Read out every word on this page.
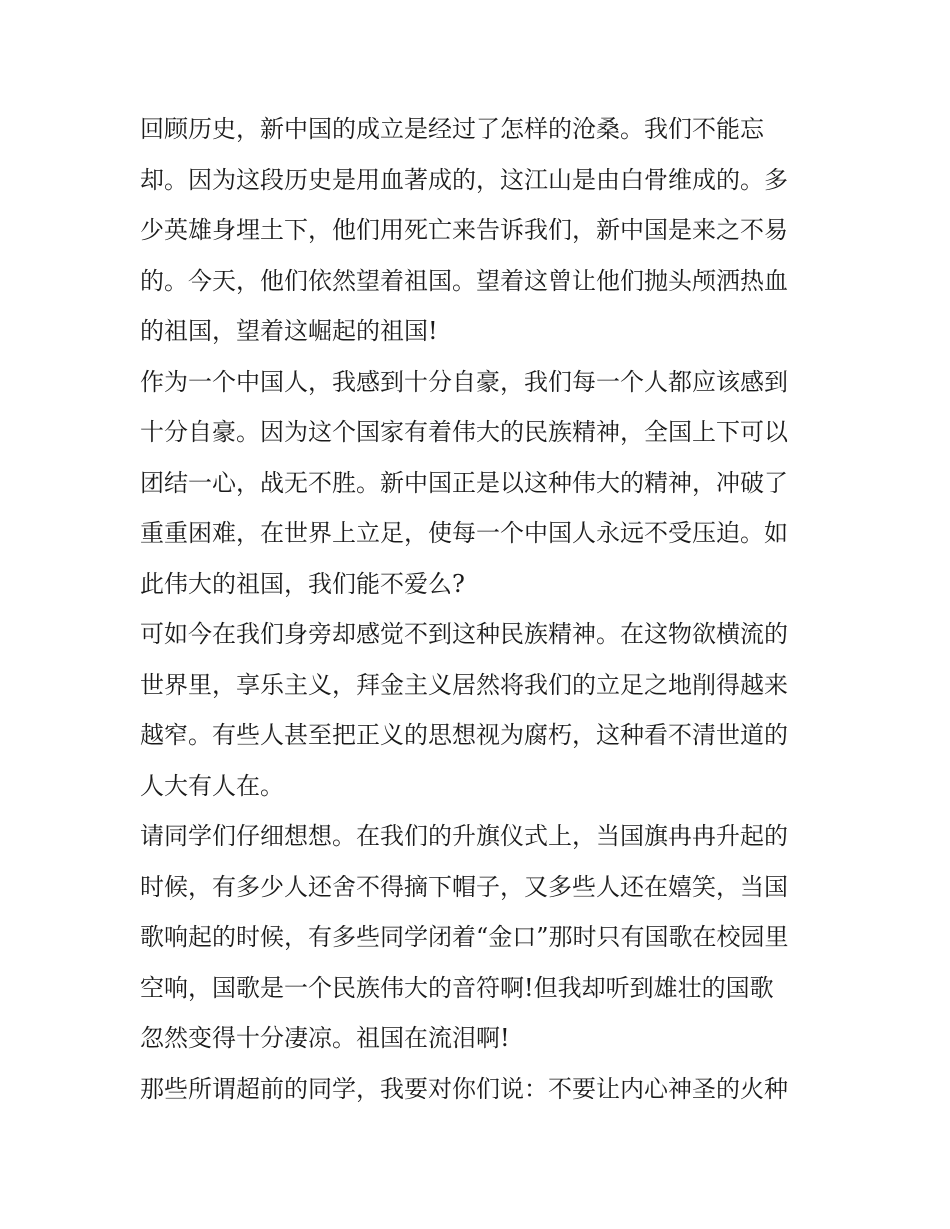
回顾历史，新中国的成立是经过了怎样的沧桑。我们不能忘
却。因为这段历史是用血著成的，这江山是由白骨维成的。多
少英雄身埋土下，他们用死亡来告诉我们，新中国是来之不易
的。今天，他们依然望着祖国。望着这曾让他们抛头颅洒热血
的祖国，望着这崛起的祖国!
作为一个中国人，我感到十分自豪，我们每一个人都应该感到
十分自豪。因为这个国家有着伟大的民族精神，全国上下可以
团结一心，战无不胜。新中国正是以这种伟大的精神，冲破了
重重困难，在世界上立足，使每一个中国人永远不受压迫。如
此伟大的祖国，我们能不爱么?
可如今在我们身旁却感觉不到这种民族精神。在这物欲横流的
世界里，享乐主义，拜金主义居然将我们的立足之地削得越来
越窄。有些人甚至把正义的思想视为腐朽，这种看不清世道的
人大有人在。
请同学们仔细想想。在我们的升旗仪式上，当国旗冉冉升起的
时候，有多少人还舍不得摘下帽子，又多些人还在嬉笑，当国
歌响起的时候，有多些同学闭着“金口”那时只有国歌在校园里
空响，国歌是一个民族伟大的音符啊!但我却听到雄壮的国歌
忽然变得十分凄凉。祖国在流泪啊!
那些所谓超前的同学，我要对你们说：不要让内心神圣的火种
